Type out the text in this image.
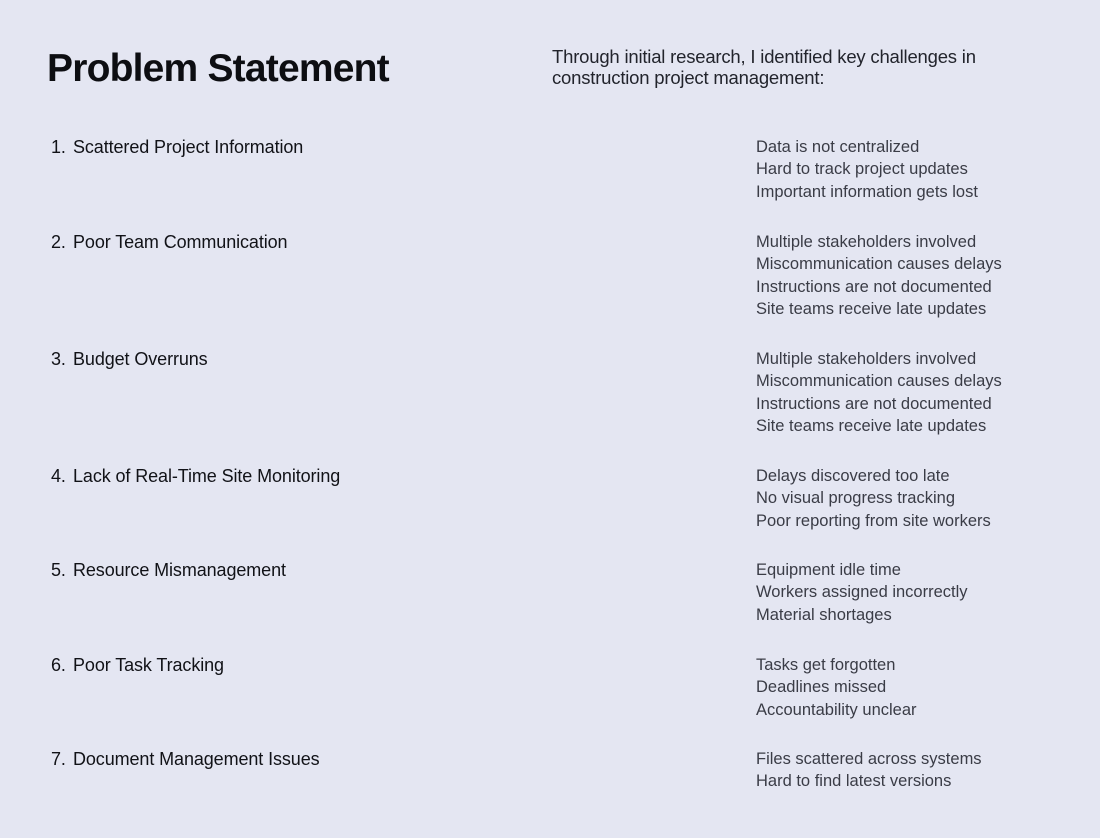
Problem Statement	Through initial research, I identified key challenges in construction project management:

1. Scattered Project Information	Data is not centralized
Hard to track project updates
Important information gets lost
2. Poor Team Communication	Multiple stakeholders involved
Miscommunication causes delays
Instructions are not documented
Site teams receive late updates
3. Budget Overruns	Multiple stakeholders involved
Miscommunication causes delays
Instructions are not documented
Site teams receive late updates
4. Lack of Real-Time Site Monitoring	Delays discovered too late
No visual progress tracking
Poor reporting from site workers
5. Resource Mismanagement	Equipment idle time
Workers assigned incorrectly
Material shortages
6. Poor Task Tracking	Tasks get forgotten
Deadlines missed
Accountability unclear
7. Document Management Issues	Files scattered across systems
Hard to find latest versions
